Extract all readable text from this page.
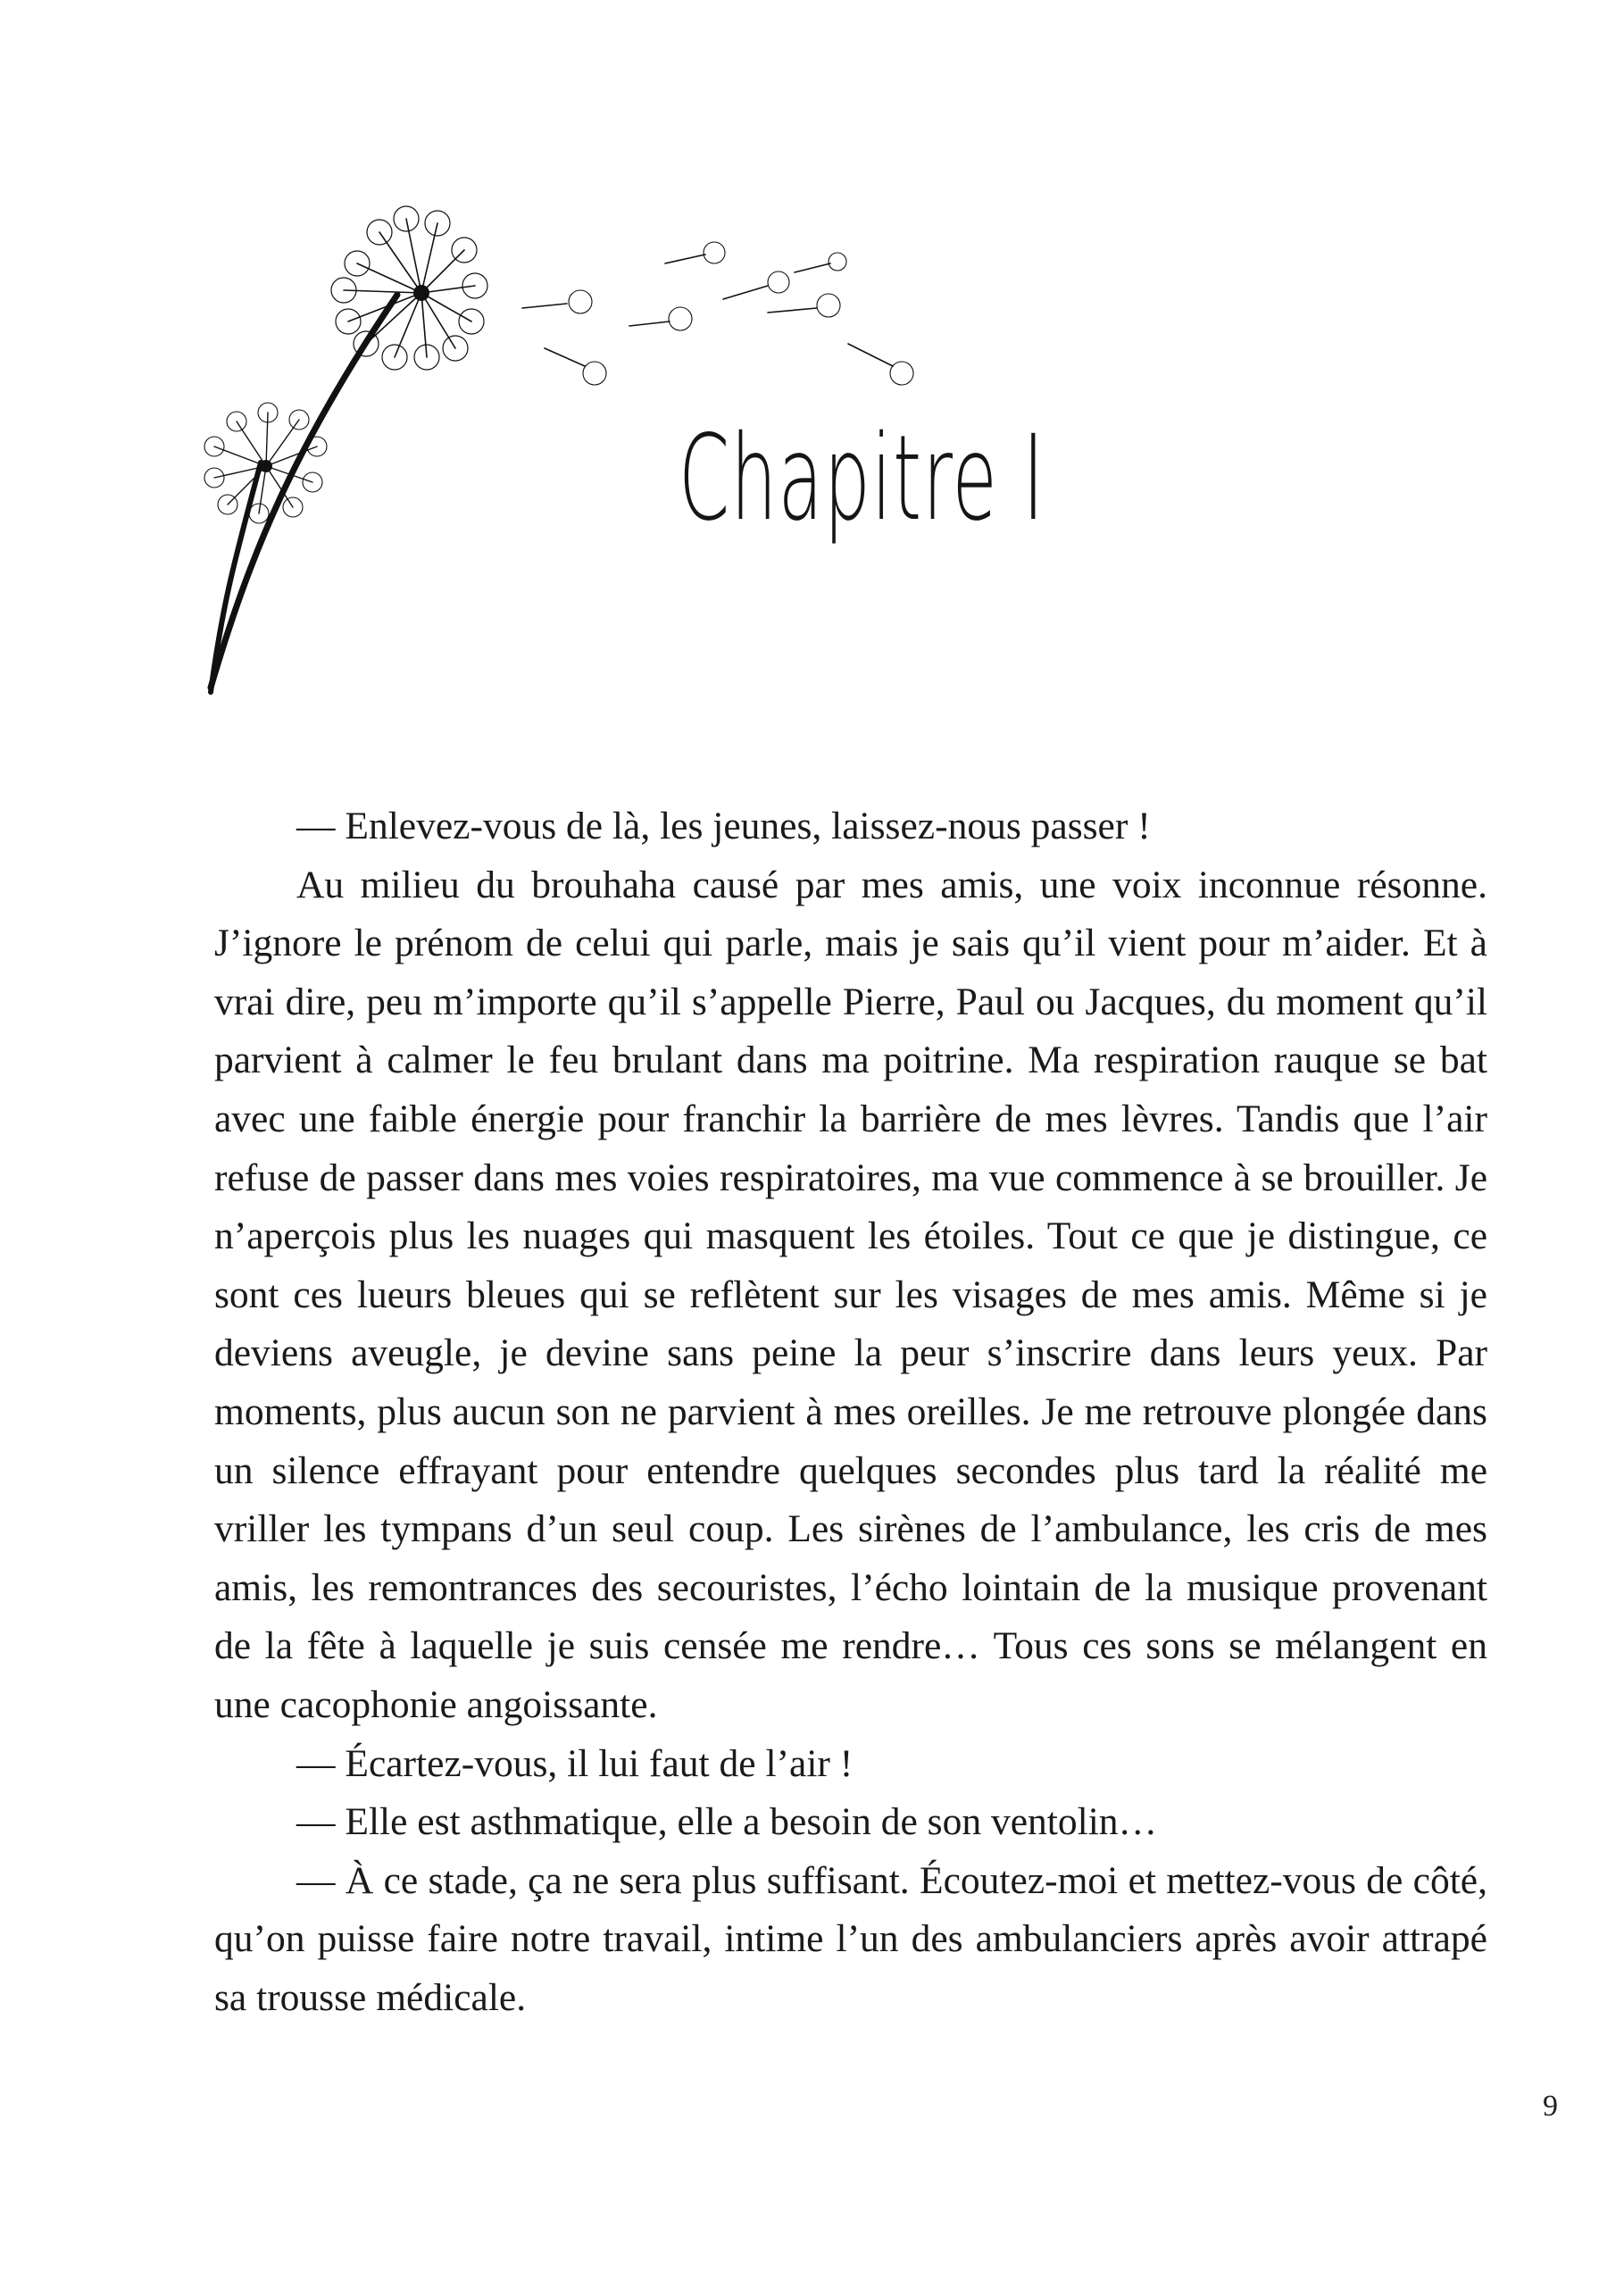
Chapitre I

— Enlevez-vous de là, les jeunes, laissez-nous passer !

Au milieu du brouhaha causé par mes amis, une voix inconnue résonne. J’ignore le prénom de celui qui parle, mais je sais qu’il vient pour m’aider. Et à vrai dire, peu m’importe qu’il s’appelle Pierre, Paul ou Jacques, du moment qu’il parvient à calmer le feu brulant dans ma poitrine. Ma respiration rauque se bat avec une faible énergie pour franchir la barrière de mes lèvres. Tandis que l’air refuse de passer dans mes voies respiratoires, ma vue commence à se brouiller. Je n’aperçois plus les nuages qui masquent les étoiles. Tout ce que je distingue, ce sont ces lueurs bleues qui se reflètent sur les visages de mes amis. Même si je deviens aveugle, je devine sans peine la peur s’inscrire dans leurs yeux. Par moments, plus aucun son ne parvient à mes oreilles. Je me retrouve plongée dans un silence effrayant pour entendre quelques secondes plus tard la réalité me vriller les tympans d’un seul coup. Les sirènes de l’ambulance, les cris de mes amis, les remontrances des secouristes, l’écho lointain de la musique provenant de la fête à laquelle je suis censée me rendre… Tous ces sons se mélangent en une cacophonie angoissante.

— Écartez-vous, il lui faut de l’air !

— Elle est asthmatique, elle a besoin de son ventolin…

— À ce stade, ça ne sera plus suffisant. Écoutez-moi et mettez-vous de côté, qu’on puisse faire notre travail, intime l’un des ambulanciers après avoir attrapé sa trousse médicale.

9
